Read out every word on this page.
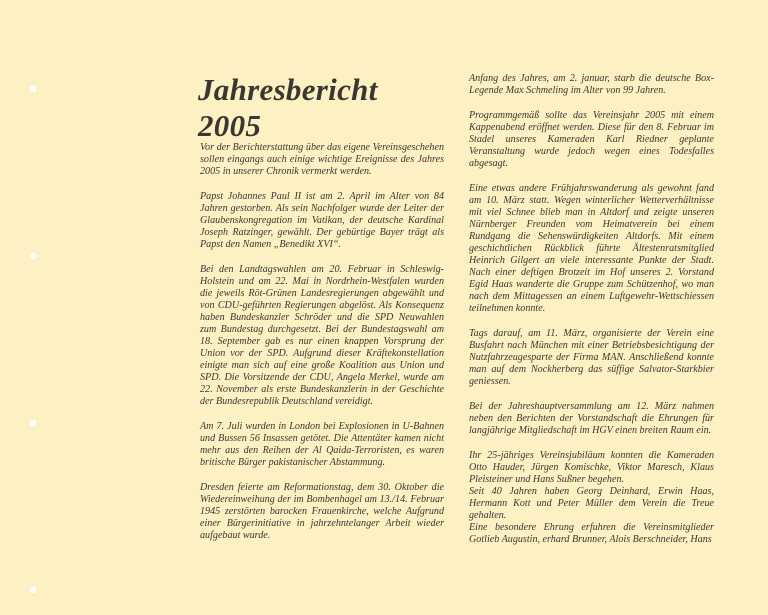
Jahresbericht 2005

Vor der Berichterstattung über das eigene Vereinsgeschehen sollen eingangs auch einige wichtige Ereignisse des Jahres 2005 in unserer Chronik vermerkt werden.

Papst Johannes Paul II ist am 2. April im Alter von 84 Jahren gestorben. Als sein Nachfolger wurde der Leiter der Glaubenskongregation im Vatikan, der deutsche Kardinal Joseph Ratzinger, gewählt. Der gebürtige Bayer trägt als Papst den Namen „Benedikt XVI“.

Bei den Landtagswahlen am 20. Februar in Schleswig-Holstein und am 22. Mai in Nordrhein-Westfalen wurden die jeweils Röt-Grünen Landesregierungen abgewählt und von CDU-geführten Regierungen abgelöst. Als Konsequenz haben Bundeskanzler Schröder und die SPD Neuwahlen zum Bundestag durchgesetzt. Bei der Bundestagswahl am 18. September gab es nur einen knappen Vorsprung der Union vor der SPD. Aufgrund dieser Kräftekonstellation einigte man sich auf eine große Koalition aus Union und SPD. Die Vorsitzende der CDU, Angela Merkel, wurde am 22. November als erste Bundeskanzlerin in der Geschichte der Bundesrepublik Deutschland vereidigt.

Am 7. Juli wurden in London bei Explosionen in U-Bahnen und Bussen 56 Insassen getötet. Die Attentäter kamen nicht mehr aus den Reihen der Al Qaida-Terroristen, es waren britische Bürger pakistanischer Abstammung.

Dresden feierte am Reformationstag, dem 30. Oktober die Wiedereinweihung der im Bombenhagel am 13./14. Februar 1945 zerstörten barocken Frauenkirche, welche Aufgrund einer Bürgerinitiative in jahrzehntelanger Arbeit wieder aufgebaut wurde.

Anfang des Jahres, am 2. januar, starb die deutsche Box-Legende Max Schmeling im Alter von 99 Jahren.

Programmgemäß sollte das Vereinsjahr 2005 mit einem Kappenabend eröffnet werden. Diese für den 8. Februar im Stadel unseres Kameraden Karl Riedner geplante Veranstaltung wurde jedoch wegen eines Todesfalles abgesagt.

Eine etwas andere Frühjahrswanderung als gewohnt fand am 10. März statt. Wegen winterlicher Wetterverhältnisse mit viel Schnee blieb man in Altdorf und zeigte unseren Nürnberger Freunden vom Heimatverein bei einem Rundgang die Sehenswürdigkeiten Altdorfs. Mit einem geschichtlichen Rückblick führte Ältestenratsmitglied Heinrich Gilgert an viele interessante Punkte der Stadt. Nach einer deftigen Brotzeit im Hof unseres 2. Vorstand Egid Haas wanderte die Gruppe zum Schützenhof, wo man nach dem Mittagessen an einem Luftgewehr-Wettschiessen teilnehmen konnte.

Tags darauf, am 11. März, organisierte der Verein eine Busfahrt nach München mit einer Betriebsbesichtigung der Nutzfahrzeugesparte der Firma MAN. Anschließend konnte man auf dem Nockherberg das süffige Salvator-Starkbier geniessen.

Bei der Jahreshauptversammlung am 12. März nahmen neben den Berichten der Vorstandschaft die Ehrungen für langjährige Mitgliedschaft im HGV einen breiten Raum ein.

Ihr 25-jähriges Vereinsjubiläum konnten die Kameraden Otto Hauder, Jürgen Komischke, Viktor Maresch, Klaus Pleisteiner und Hans Sußner begehen.

Seit 40 Jahren haben Georg Deinhard, Erwin Haas, Hermann Kott und Peter Müller dem Verein die Treue gehalten.

Eine besondere Ehrung erfuhren die Vereinsmitglieder Gotlieb Augustin, erhard Brunner, Alois Berschneider, Hans
